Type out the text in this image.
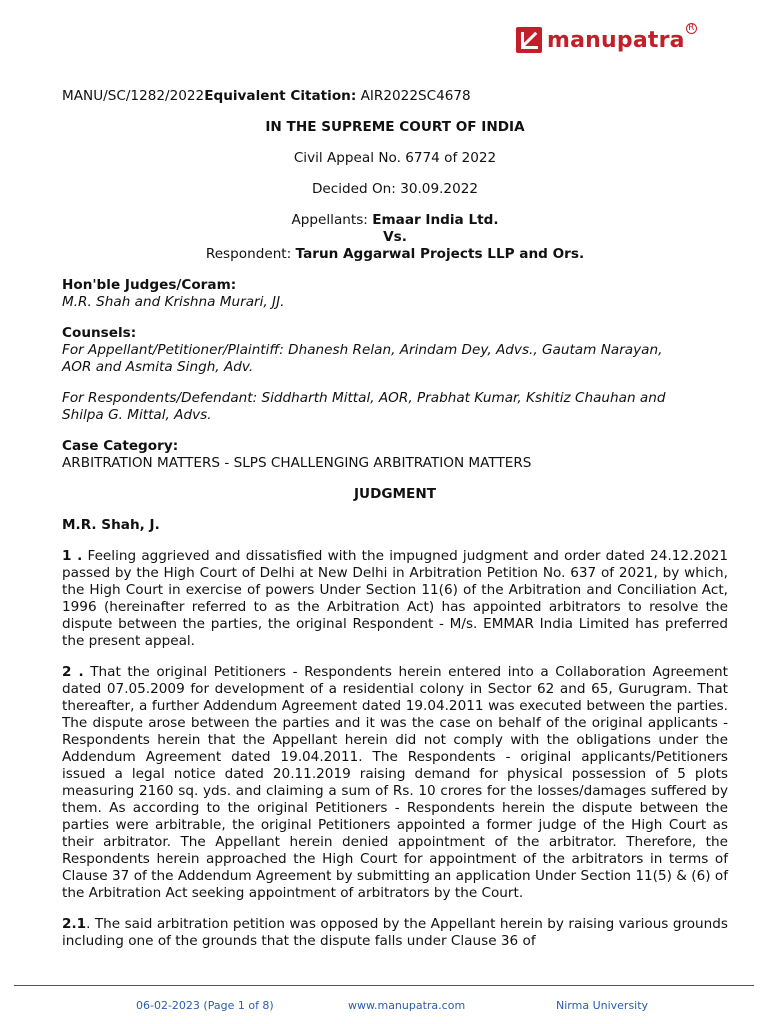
manupatra R

MANU/SC/1282/2022Equivalent Citation: AIR2022SC4678

IN THE SUPREME COURT OF INDIA

Civil Appeal No. 6774 of 2022

Decided On: 30.09.2022

Appellants: Emaar India Ltd.

Vs.

Respondent: Tarun Aggarwal Projects LLP and Ors.

Hon'ble Judges/Coram:

M.R. Shah and Krishna Murari, JJ.

Counsels:

For Appellant/Petitioner/Plaintiff: Dhanesh Relan, Arindam Dey, Advs., Gautam Narayan,

AOR and Asmita Singh, Adv.

For Respondents/Defendant: Siddharth Mittal, AOR, Prabhat Kumar, Kshitiz Chauhan and

Shilpa G. Mittal, Advs.

Case Category:

ARBITRATION MATTERS - SLPS CHALLENGING ARBITRATION MATTERS

JUDGMENT

M.R. Shah, J.

1 . Feeling aggrieved and dissatisfied with the impugned judgment and order dated 24.12.2021 passed by the High Court of Delhi at New Delhi in Arbitration Petition No. 637 of 2021, by which, the High Court in exercise of powers Under Section 11(6) of the Arbitration and Conciliation Act, 1996 (hereinafter referred to as the Arbitration Act) has appointed arbitrators to resolve the dispute between the parties, the original Respondent - M/s. EMMAR India Limited has preferred the present appeal.

2 . That the original Petitioners - Respondents herein entered into a Collaboration Agreement dated 07.05.2009 for development of a residential colony in Sector 62 and 65, Gurugram. That thereafter, a further Addendum Agreement dated 19.04.2011 was executed between the parties. The dispute arose between the parties and it was the case on behalf of the original applicants - Respondents herein that the Appellant herein did not comply with the obligations under the Addendum Agreement dated 19.04.2011. The Respondents - original applicants/Petitioners issued a legal notice dated 20.11.2019 raising demand for physical possession of 5 plots measuring 2160 sq. yds. and claiming a sum of Rs. 10 crores for the losses/damages suffered by them. As according to the original Petitioners - Respondents herein the dispute between the parties were arbitrable, the original Petitioners appointed a former judge of the High Court as their arbitrator. The Appellant herein denied appointment of the arbitrator. Therefore, the Respondents herein approached the High Court for appointment of the arbitrators in terms of Clause 37 of the Addendum Agreement by submitting an application Under Section 11(5) & (6) of the Arbitration Act seeking appointment of arbitrators by the Court.

2.1. The said arbitration petition was opposed by the Appellant herein by raising various grounds including one of the grounds that the dispute falls under Clause 36 of

06-02-2023 (Page 1 of 8)	www.manupatra.com	Nirma University
